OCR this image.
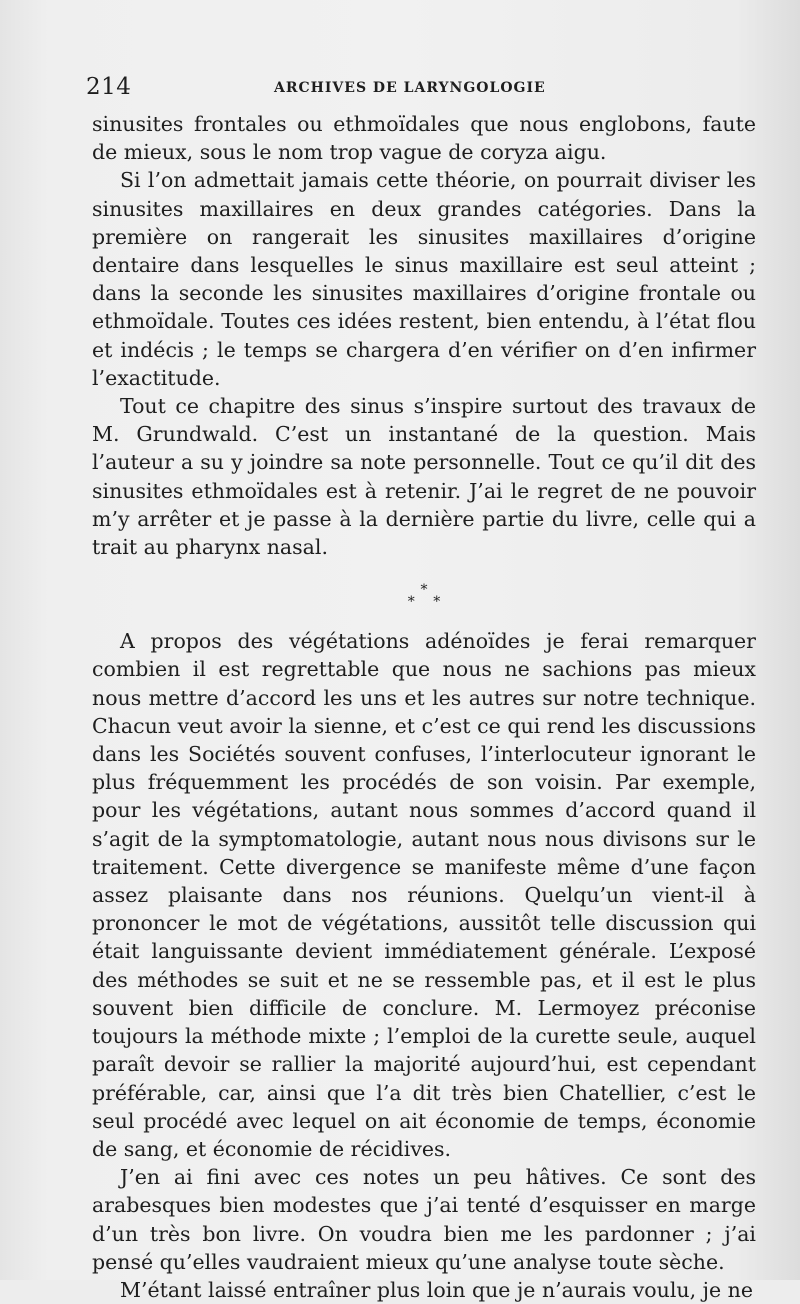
214	ARCHIVES DE LARYNGOLOGIE

sinusites frontales ou ethmoïdales que nous englobons, faute de mieux, sous le nom trop vague de coryza aigu.

Si l’on admettait jamais cette théorie, on pourrait diviser les sinusites maxillaires en deux grandes catégories. Dans la première on rangerait les sinusites maxillaires d’origine dentaire dans lesquelles le sinus maxillaire est seul atteint ; dans la seconde les sinusites maxillaires d’origine frontale ou ethmoïdale. Toutes ces idées restent, bien entendu, à l’état flou et indécis ; le temps se chargera d’en vérifier on d’en infirmer l’exactitude.

Tout ce chapitre des sinus s’inspire surtout des travaux de M. Grundwald. C’est un instantané de la question. Mais l’auteur a su y joindre sa note personnelle. Tout ce qu’il dit des sinusites ethmoïdales est à retenir. J’ai le regret de ne pouvoir m’y arrêter et je passe à la dernière partie du livre, celle qui a trait au pharynx nasal.

*
* *

A propos des végétations adénoïdes je ferai remarquer combien il est regrettable que nous ne sachions pas mieux nous mettre d’accord les uns et les autres sur notre technique. Chacun veut avoir la sienne, et c’est ce qui rend les discussions dans les Sociétés souvent confuses, l’interlocuteur ignorant le plus fréquemment les procédés de son voisin. Par exemple, pour les végétations, autant nous sommes d’accord quand il s’agit de la symptomatologie, autant nous nous divisons sur le traitement. Cette divergence se manifeste même d’une façon assez plaisante dans nos réunions. Quelqu’un vient-il à prononcer le mot de végétations, aussitôt telle discussion qui était languissante devient immédiatement générale. L’exposé des méthodes se suit et ne se ressemble pas, et il est le plus souvent bien difficile de conclure. M. Lermoyez préconise toujours la méthode mixte ; l’emploi de la curette seule, auquel paraît devoir se rallier la majorité aujourd’hui, est cependant préférable, car, ainsi que l’a dit très bien Chatellier, c’est le seul procédé avec lequel on ait économie de temps, économie de sang, et économie de récidives.

J’en ai fini avec ces notes un peu hâtives. Ce sont des arabesques bien modestes que j’ai tenté d’esquisser en marge d’un très bon livre. On voudra bien me les pardonner ; j’ai pensé qu’elles vaudraient mieux qu’une analyse toute sèche.

M’étant laissé entraîner plus loin que je n’aurais voulu, je ne
